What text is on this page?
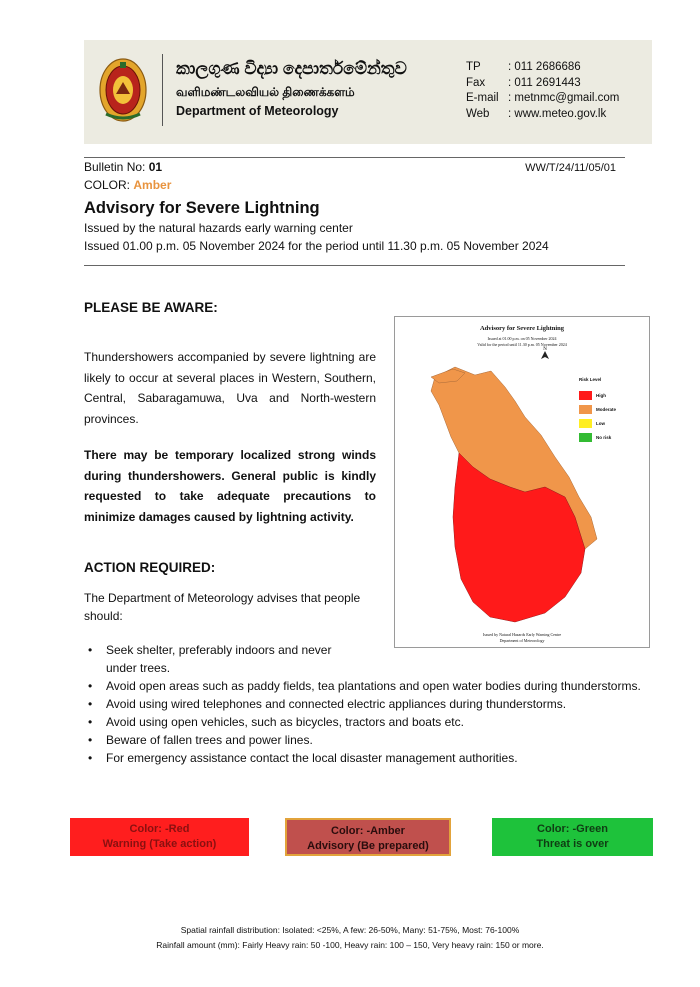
කාලගුණ විද්‍යා දෙපාර්තමේන්තුව
வளிமண்டலவியல் திணைக்களம்
Department of Meteorology
TP	: 011 2686686
Fax	: 011 2691443
E-mail : metnmc@gmail.com
Web	: www.meteo.gov.lk
Bulletin No: 01
COLOR: Amber
WW/T/24/11/05/01
Advisory for Severe Lightning
Issued by the natural hazards early warning center
Issued 01.00 p.m. 05 November 2024 for the period until 11.30 p.m. 05 November 2024
PLEASE BE AWARE:
Thundershowers accompanied by severe lightning are likely to occur at several places in Western, Southern, Central, Sabaragamuwa, Uva and North-western provinces.
There may be temporary localized strong winds during thundershowers. General public is kindly requested to take adequate precautions to minimize damages caused by lightning activity.
ACTION REQUIRED:
The Department of Meteorology advises that people should:
• Seek shelter, preferably indoors and never under trees.
• Avoid open areas such as paddy fields, tea plantations and open water bodies during thunderstorms.
• Avoid using wired telephones and connected electric appliances during thunderstorms.
• Avoid using open vehicles, such as bicycles, tractors and boats etc.
• Beware of fallen trees and power lines.
• For emergency assistance contact the local disaster management authorities.
N
Advisory for Severe Lightning
Issued at 01.00 p.m. on 05 November 2024
Valid for the period until 11.30 p.m. 05 November 2024
Risk Level
High
Moderate
Low
No risk
Issued by Natural Hazards Early Warning Centre
Department of Meteorology
Color: -Red
Warning (Take action)
Color: -Amber
Advisory (Be prepared)
Color: -Green
Threat is over
Spatial rainfall distribution: Isolated: <25%, A few: 26-50%, Many: 51-75%, Most: 76-100%
Rainfall amount (mm): Fairly Heavy rain: 50 -100, Heavy rain: 100 – 150, Very heavy rain: 150 or more.
